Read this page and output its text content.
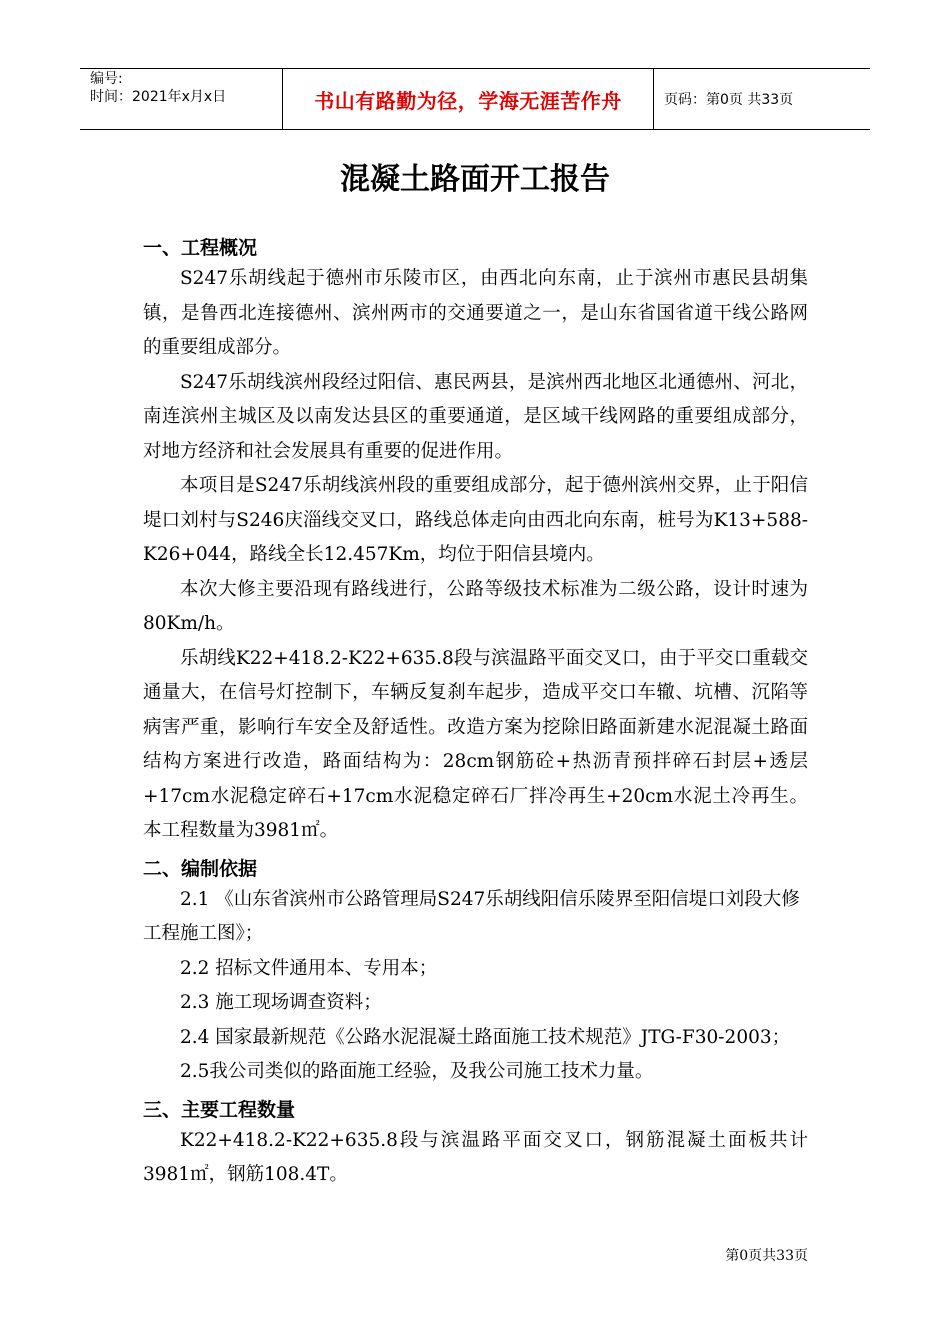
编号:
时间：2021年x月x日	书山有路勤为径，学海无涯苦作舟	页码：第0页 共33页
混凝土路面开工报告
一、工程概况

S247乐胡线起于德州市乐陵市区，由西北向东南，止于滨州市惠民县胡集镇，是鲁西北连接德州、滨州两市的交通要道之一，是山东省国省道干线公路网的重要组成部分。

S247乐胡线滨州段经过阳信、惠民两县，是滨州西北地区北通德州、河北，南连滨州主城区及以南发达县区的重要通道，是区域干线网路的重要组成部分，对地方经济和社会发展具有重要的促进作用。

本项目是S247乐胡线滨州段的重要组成部分，起于德州滨州交界，止于阳信堤口刘村与S246庆淄线交叉口，路线总体走向由西北向东南，桩号为K13+588-K26+044，路线全长12.457Km，均位于阳信县境内。

本次大修主要沿现有路线进行，公路等级技术标准为二级公路，设计时速为80Km/h。

乐胡线K22+418.2-K22+635.8段与滨温路平面交叉口，由于平交口重载交通量大，在信号灯控制下，车辆反复刹车起步，造成平交口车辙、坑槽、沉陷等病害严重，影响行车安全及舒适性。改造方案为挖除旧路面新建水泥混凝土路面结构方案进行改造，路面结构为：28cm钢筋砼+热沥青预拌碎石封层+透层+17cm水泥稳定碎石+17cm水泥稳定碎石厂拌冷再生+20cm水泥土冷再生。 本工程数量为3981㎡。

二、编制依据

2.1 《山东省滨州市公路管理局S247乐胡线阳信乐陵界至阳信堤口刘段大修工程施工图》；

2.2 招标文件通用本、专用本；

2.3 施工现场调查资料；

2.4 国家最新规范《公路水泥混凝土路面施工技术规范》JTG-F30-2003；

2.5我公司类似的路面施工经验，及我公司施工技术力量。

三、主要工程数量

K22+418.2-K22+635.8段与滨温路平面交叉口，钢筋混凝土面板共计3981㎡，钢筋108.4T。

第0页共33页
